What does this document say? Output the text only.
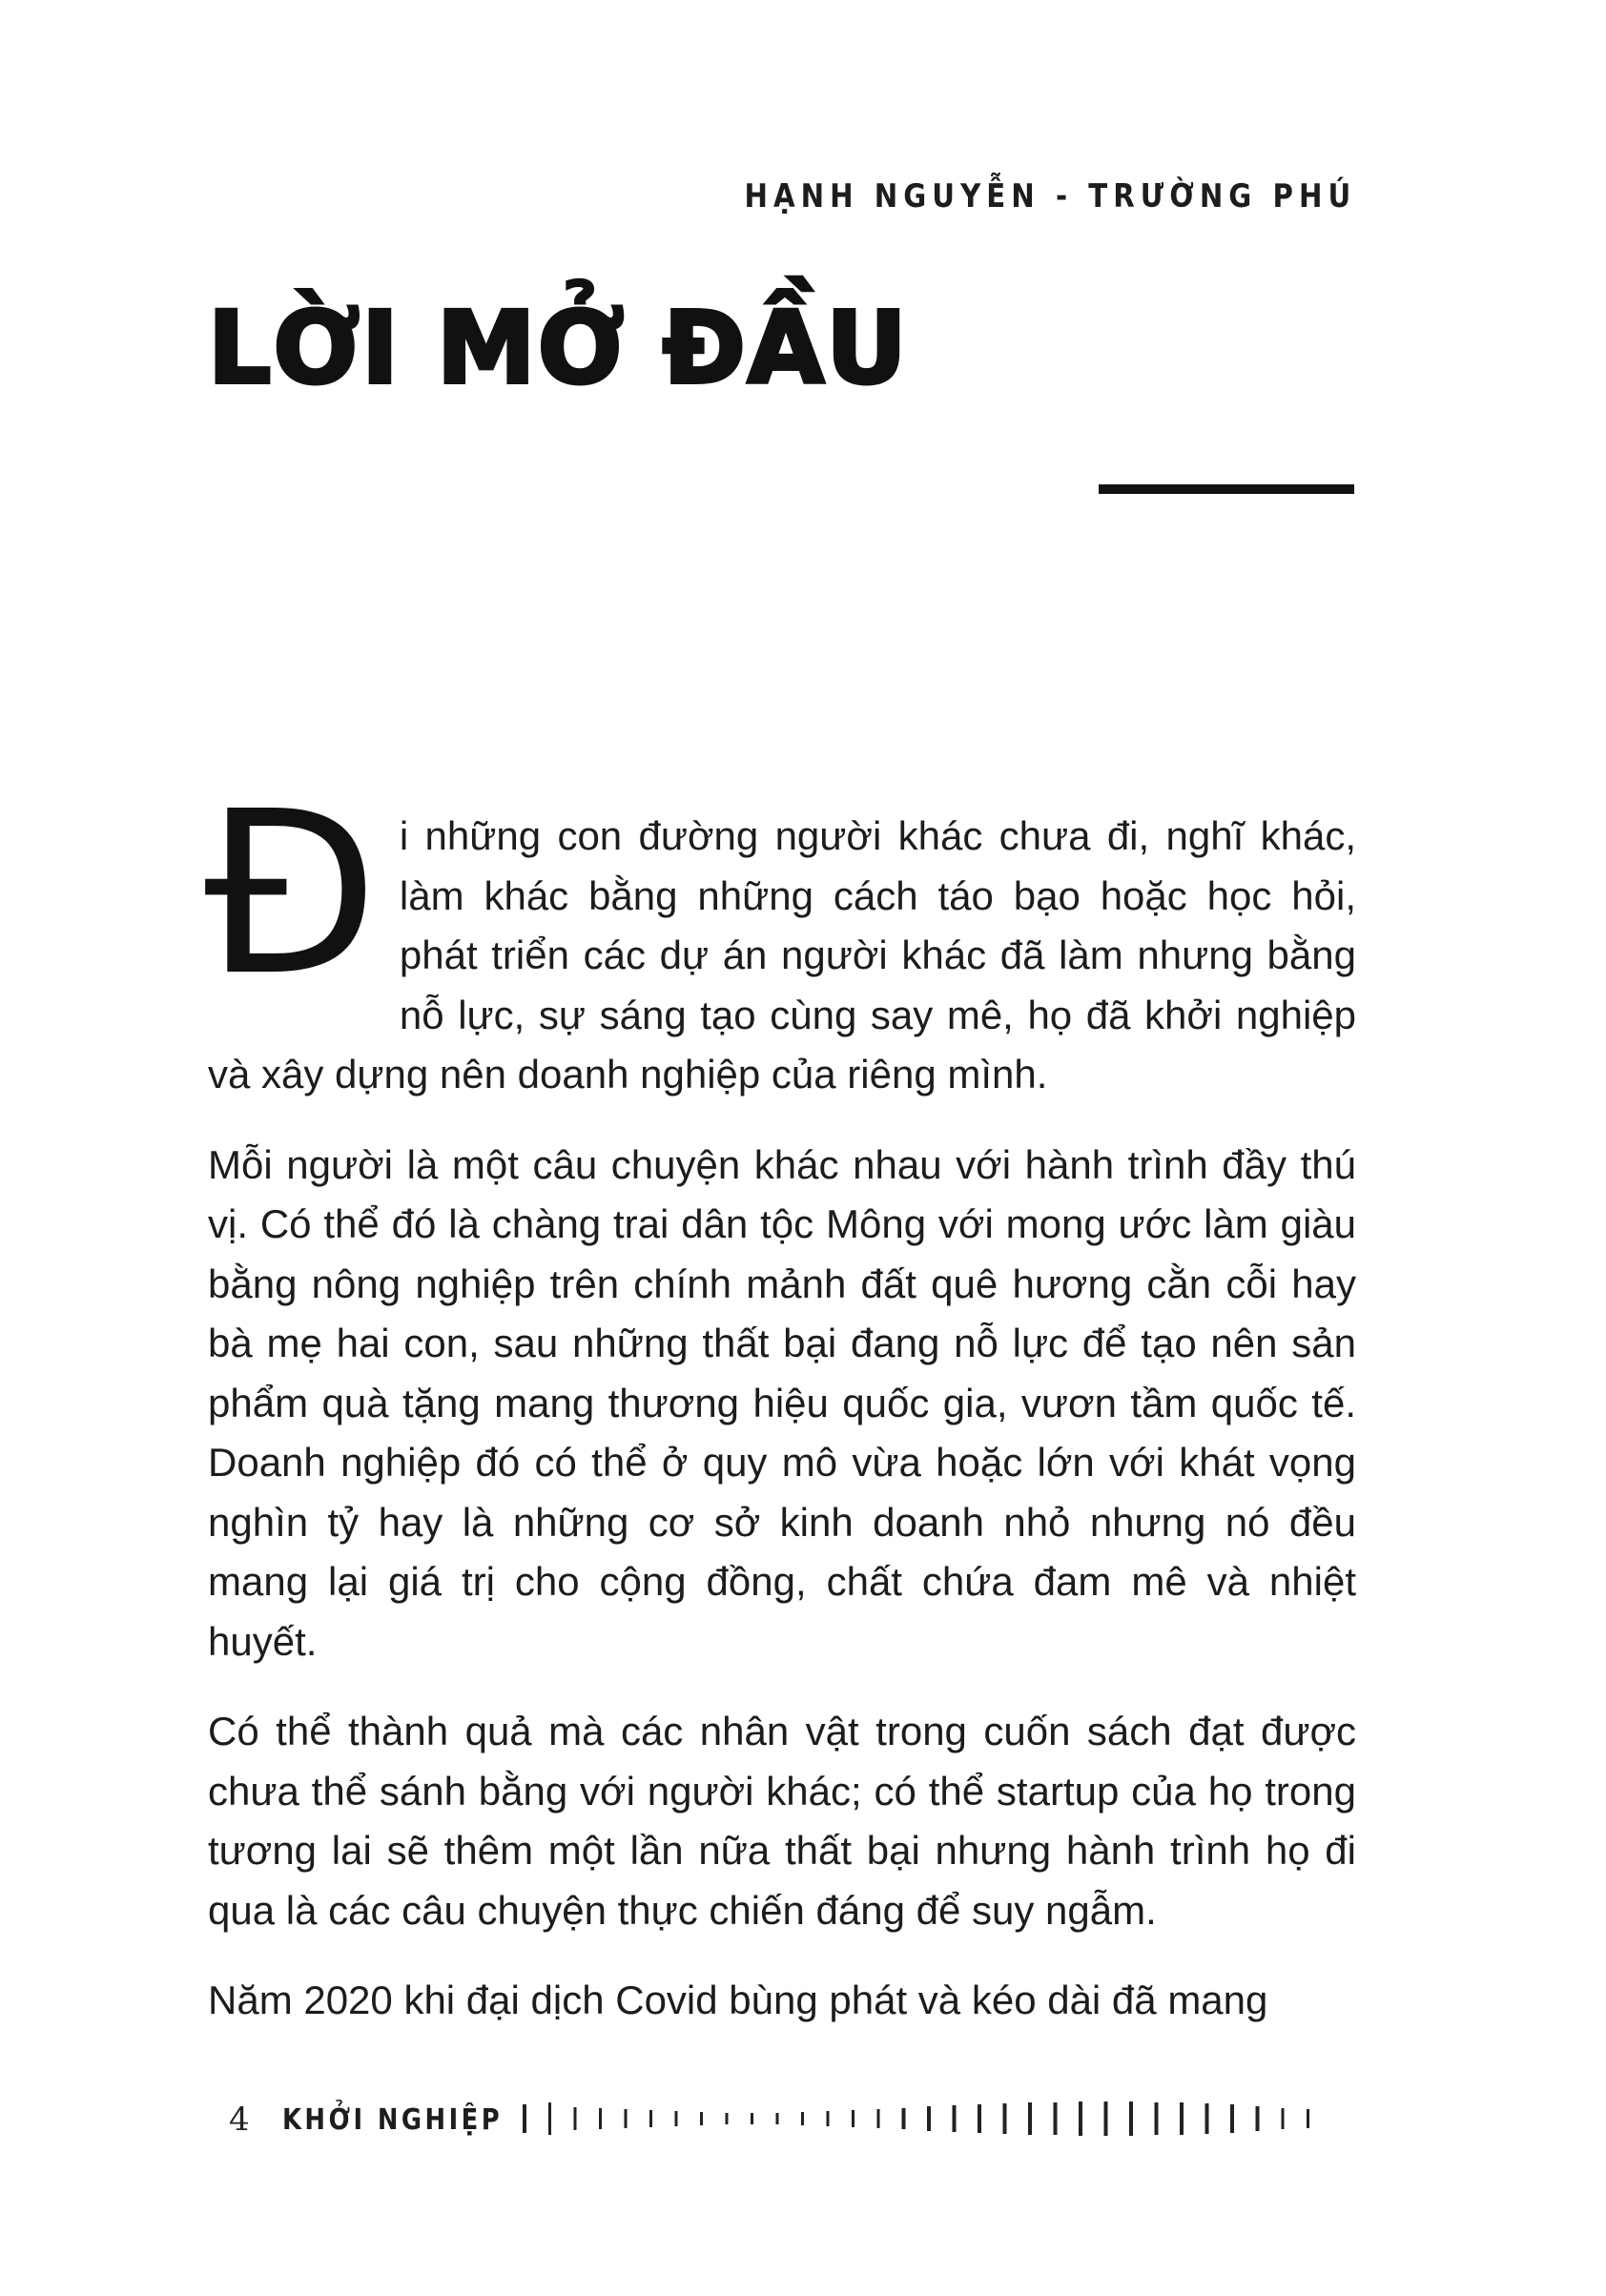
HẠNH NGUYỄN - TRƯỜNG PHÚ
LỜI MỞ ĐẦU

Đ i những con đường người khác chưa đi, nghĩ khác, làm khác bằng những cách táo bạo hoặc học hỏi, phát triển các dự án người khác đã làm nhưng bằng nỗ lực, sự sáng tạo cùng say mê, họ đã khởi nghiệp và xây dựng nên doanh nghiệp của riêng mình.

Mỗi người là một câu chuyện khác nhau với hành trình đầy thú vị. Có thể đó là chàng trai dân tộc Mông với mong ước làm giàu bằng nông nghiệp trên chính mảnh đất quê hương cằn cỗi hay bà mẹ hai con, sau những thất bại đang nỗ lực để tạo nên sản phẩm quà tặng mang thương hiệu quốc gia, vươn tầm quốc tế. Doanh nghiệp đó có thể ở quy mô vừa hoặc lớn với khát vọng nghìn tỷ hay là những cơ sở kinh doanh nhỏ nhưng nó đều mang lại giá trị cho cộng đồng, chất chứa đam mê và nhiệt huyết.

Có thể thành quả mà các nhân vật trong cuốn sách đạt được chưa thể sánh bằng với người khác; có thể startup của họ trong tương lai sẽ thêm một lần nữa thất bại nhưng hành trình họ đi qua là các câu chuyện thực chiến đáng để suy ngẫm.

Năm 2020 khi đại dịch Covid bùng phát và kéo dài đã mang

4 KHỞI NGHIỆP
